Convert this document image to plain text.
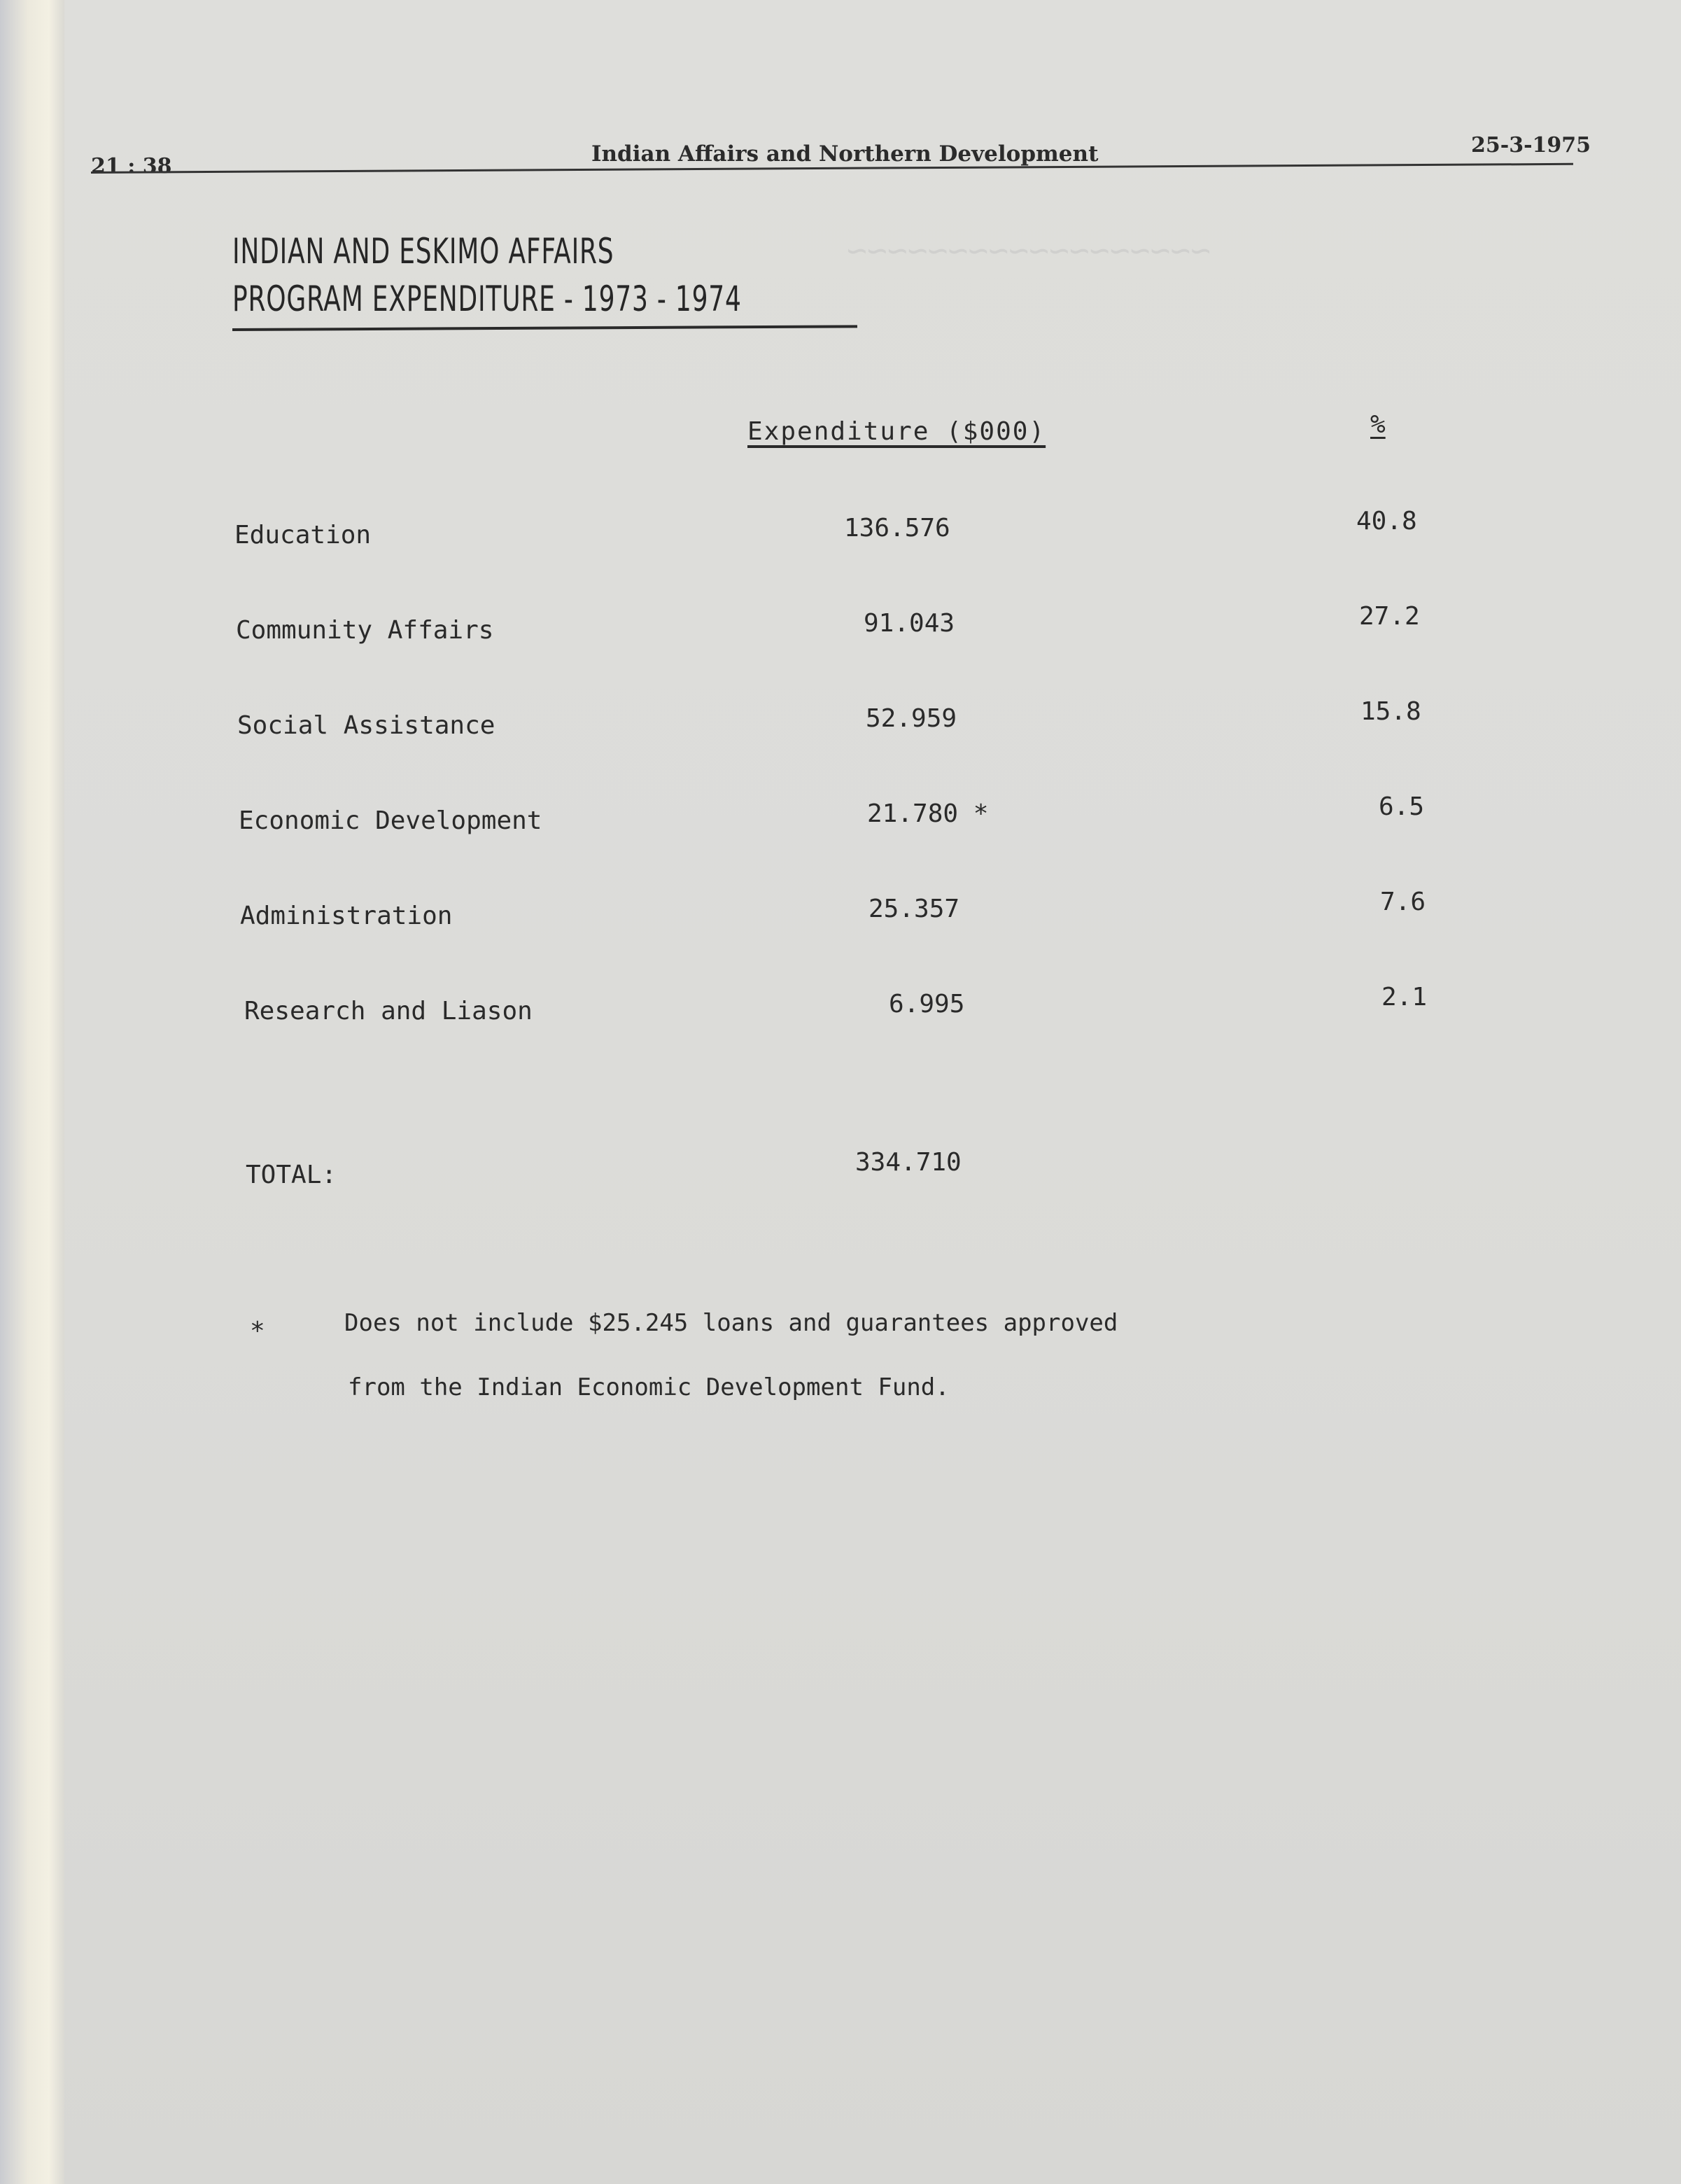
~~~~~~~~~~~~~~~~~~
21 : 38	Indian Affairs and Northern Development	25-3-1975
INDIAN AND ESKIMO AFFAIRS
PROGRAM EXPENDITURE - 1973 - 1974
Expenditure ($000)	%
Education	136.576	40.8
Community Affairs	91.043	27.2
Social Assistance	52.959	15.8
Economic Development	21.780 *	6.5
Administration	25.357	7.6
Research and Liason	6.995	2.1
TOTAL:	334.710
*	Does not include $25.245 loans and guarantees approved
from the Indian Economic Development Fund.
